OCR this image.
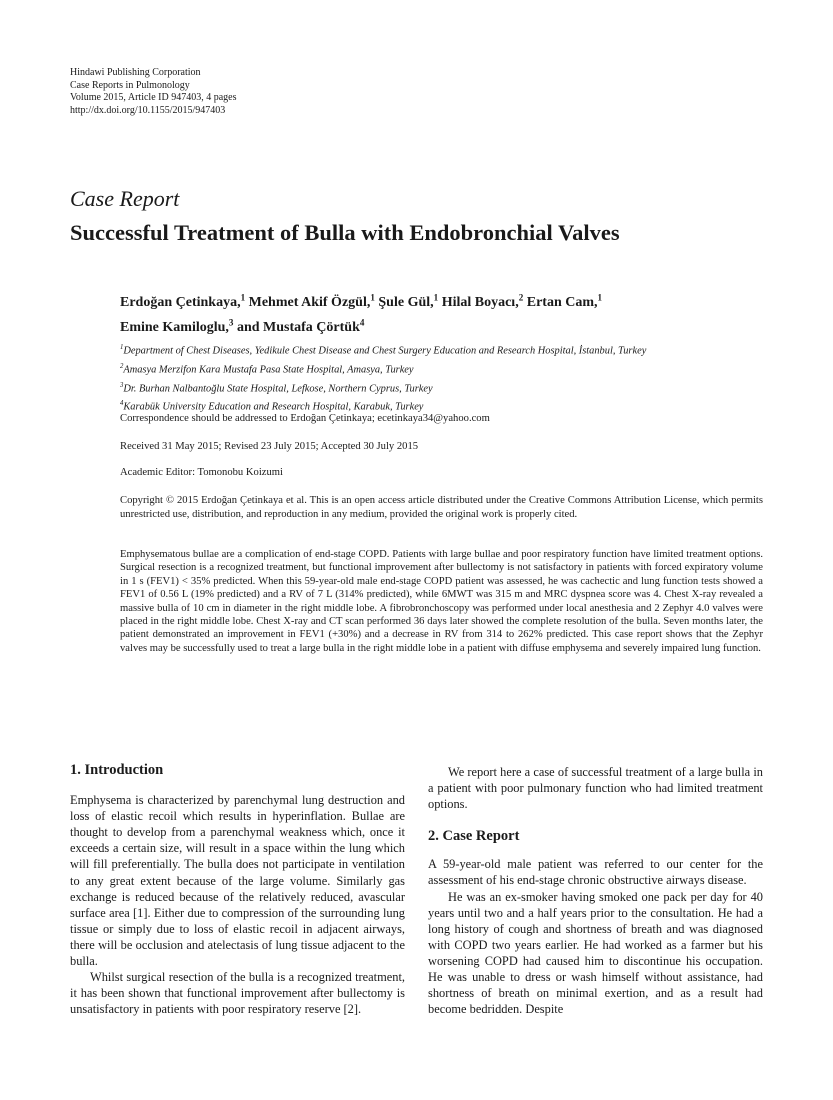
Hindawi Publishing Corporation
Case Reports in Pulmonology
Volume 2015, Article ID 947403, 4 pages
http://dx.doi.org/10.1155/2015/947403
Case Report
Successful Treatment of Bulla with Endobronchial Valves
Erdoğan Çetinkaya,$^1$ Mehmet Akif Özgül,$^1$ Şule Gül,$^1$ Hilal Boyacı,$^2$ Ertan Cam,$^1$
Emine Kamiloglu,$^3$ and Mustafa Çörtük$^4$
$^1$Department of Chest Diseases, Yedikule Chest Disease and Chest Surgery Education and Research Hospital, İstanbul, Turkey
$^2$Amasya Merzifon Kara Mustafa Pasa State Hospital, Amasya, Turkey
$^3$Dr. Burhan Nalbantoğlu State Hospital, Lefkose, Northern Cyprus, Turkey
$^4$Karabük University Education and Research Hospital, Karabuk, Turkey
Correspondence should be addressed to Erdoğan Çetinkaya; ecetinkaya34@yahoo.com
Received 31 May 2015; Revised 23 July 2015; Accepted 30 July 2015
Academic Editor: Tomonobu Koizumi
Copyright © 2015 Erdoğan Çetinkaya et al. This is an open access article distributed under the Creative Commons Attribution License, which permits unrestricted use, distribution, and reproduction in any medium, provided the original work is properly cited.
Emphysematous bullae are a complication of end-stage COPD. Patients with large bullae and poor respiratory function have limited treatment options. Surgical resection is a recognized treatment, but functional improvement after bullectomy is not satisfactory in patients with forced expiratory volume in 1 s (FEV1) < 35% predicted. When this 59-year-old male end-stage COPD patient was assessed, he was cachectic and lung function tests showed a FEV1 of 0.56 L (19% predicted) and a RV of 7 L (314% predicted), while 6MWT was 315 m and MRC dyspnea score was 4. Chest X-ray revealed a massive bulla of 10 cm in diameter in the right middle lobe. A fibrobronchoscopy was performed under local anesthesia and 2 Zephyr 4.0 valves were placed in the right middle lobe. Chest X-ray and CT scan performed 36 days later showed the complete resolution of the bulla. Seven months later, the patient demonstrated an improvement in FEV1 (+30%) and a decrease in RV from 314 to 262% predicted. This case report shows that the Zephyr valves may be successfully used to treat a large bulla in the right middle lobe in a patient with diffuse emphysema and severely impaired lung function.
1. Introduction

Emphysema is characterized by parenchymal lung destruction and loss of elastic recoil which results in hyperinflation. Bullae are thought to develop from a parenchymal weakness which, once it exceeds a certain size, will result in a space within the lung which will fill preferentially. The bulla does not participate in ventilation to any great extent because of the large volume. Similarly gas exchange is reduced because of the relatively reduced, avascular surface area [1]. Either due to compression of the surrounding lung tissue or simply due to loss of elastic recoil in adjacent airways, there will be occlusion and atelectasis of lung tissue adjacent to the bulla.

Whilst surgical resection of the bulla is a recognized treatment, it has been shown that functional improvement after bullectomy is unsatisfactory in patients with poor respiratory reserve [2].

We report here a case of successful treatment of a large bulla in a patient with poor pulmonary function who had limited treatment options.

2. Case Report

A 59-year-old male patient was referred to our center for the assessment of his end-stage chronic obstructive airways disease.

He was an ex-smoker having smoked one pack per day for 40 years until two and a half years prior to the consultation. He had a long history of cough and shortness of breath and was diagnosed with COPD two years earlier. He had worked as a farmer but his worsening COPD had caused him to discontinue his occupation. He was unable to dress or wash himself without assistance, had shortness of breath on minimal exertion, and as a result had become bedridden. Despite
